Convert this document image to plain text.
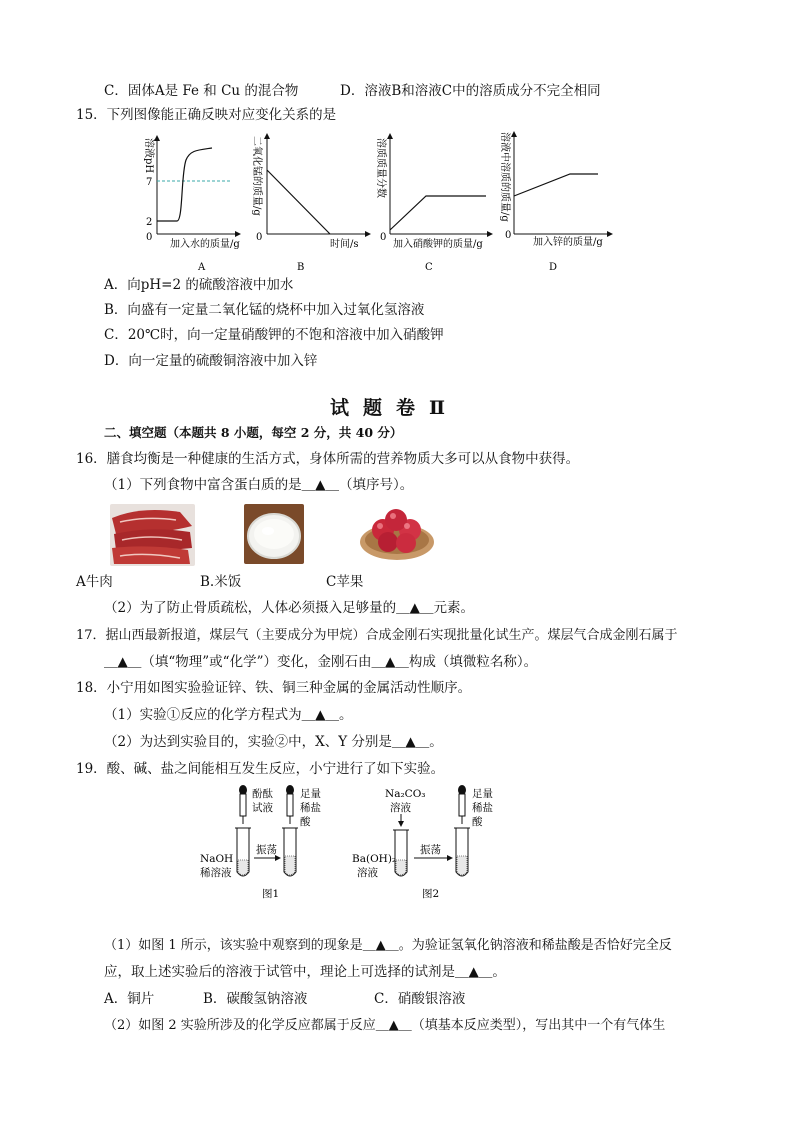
C．固体A是 Fe 和 Cu 的混合物	D．溶液B和溶液C中的溶质成分不完全相同
15．下列图像能正确反映对应变化关系的是
溶液pH
7
2
0
加入水的质量/g
A
二氧化锰的质量/g
0
时间/s
B
溶质质量分数
0
加入硝酸钾的质量/g
C
溶液中溶质的质量/g
0
加入锌的质量/g
D
A．向pH=2 的硫酸溶液中加水
B．向盛有一定量二氧化锰的烧杯中加入过氧化氢溶液
C．20℃时，向一定量硝酸钾的不饱和溶液中加入硝酸钾
D．向一定量的硫酸铜溶液中加入锌
试题卷Ⅱ
二、填空题（本题共 8 小题，每空 2 分，共 40 分）
16．膳食均衡是一种健康的生活方式，身体所需的营养物质大多可以从食物中获得。
（1）下列食物中富含蛋白质的是＿▲＿（填序号）。
A牛肉	B.米饭	C苹果
（2）为了防止骨质疏松，人体必须摄入足够量的＿▲＿元素。
17．据山西最新报道，煤层气（主要成分为甲烷）合成金刚石实现批量化试生产。煤层气合成金刚石属于
＿▲＿（填“物理”或“化学”）变化，金刚石由＿▲＿构成（填微粒名称）。
18．小宁用如图实验验证锌、铁、铜三种金属的金属活动性顺序。
（1）实验①反应的化学方程式为＿▲＿。
（2）为达到实验目的，实验②中，X、Y 分别是＿▲＿。
19．酸、碱、盐之间能相互发生反应，小宁进行了如下实验。
酚酞
试液
NaOH
稀溶液
振荡
足量
稀盐
酸
图1
Na₂CO₃
溶液
Ba(OH)₂
溶液
振荡
足量
稀盐
酸
图2
（1）如图 1 所示，该实验中观察到的现象是＿▲＿。为验证氢氧化钠溶液和稀盐酸是否恰好完全反
应，取上述实验后的溶液于试管中，理论上可选择的试剂是＿▲＿。
A．铜片	B．碳酸氢钠溶液	C．硝酸银溶液
（2）如图 2 实验所涉及的化学反应都属于反应＿▲＿（填基本反应类型），写出其中一个有气体生
